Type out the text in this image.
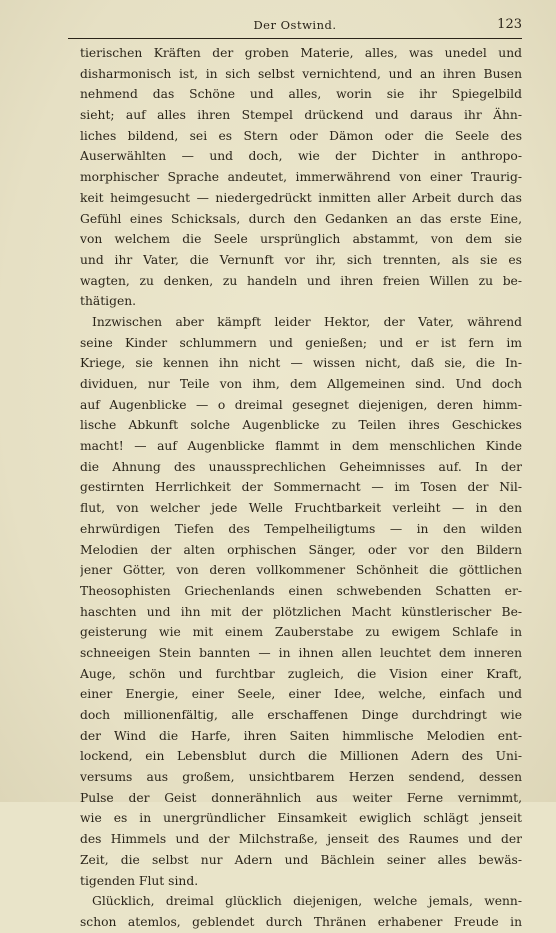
Der Ostwind.	123
tierischen Kräften der groben Materie, alles, was unedel und
disharmonisch ist, in sich selbst vernichtend, und an ihren Busen
nehmend das Schöne und alles, worin sie ihr Spiegelbild
sieht; auf alles ihren Stempel drückend und daraus ihr Ähn-
liches bildend, sei es Stern oder Dämon oder die Seele des
Auserwählten — und doch, wie der Dichter in anthropo-
morphischer Sprache andeutet, immerwährend von einer Traurig-
keit heimgesucht — niedergedrückt inmitten aller Arbeit durch das
Gefühl eines Schicksals, durch den Gedanken an das erste Eine,
von welchem die Seele ursprünglich abstammt, von dem sie
und ihr Vater, die Vernunft vor ihr, sich trennten, als sie es
wagten, zu denken, zu handeln und ihren freien Willen zu be-
thätigen.
Inzwischen aber kämpft leider Hektor, der Vater, während
seine Kinder schlummern und genießen; und er ist fern im
Kriege, sie kennen ihn nicht — wissen nicht, daß sie, die In-
dividuen, nur Teile von ihm, dem Allgemeinen sind. Und doch
auf Augenblicke — o dreimal gesegnet diejenigen, deren himm-
lische Abkunft solche Augenblicke zu Teilen ihres Geschickes
macht! — auf Augenblicke flammt in dem menschlichen Kinde
die Ahnung des unaussprechlichen Geheimnisses auf. In der
gestirnten Herrlichkeit der Sommernacht — im Tosen der Nil-
flut, von welcher jede Welle Fruchtbarkeit verleiht — in den
ehrwürdigen Tiefen des Tempelheiligtums — in den wilden
Melodien der alten orphischen Sänger, oder vor den Bildern
jener Götter, von deren vollkommener Schönheit die göttlichen
Theosophisten Griechenlands einen schwebenden Schatten er-
haschten und ihn mit der plötzlichen Macht künstlerischer Be-
geisterung wie mit einem Zauberstabe zu ewigem Schlafe in
schneeigen Stein bannten — in ihnen allen leuchtet dem inneren
Auge, schön und furchtbar zugleich, die Vision einer Kraft,
einer Energie, einer Seele, einer Idee, welche, einfach und
doch millionenfältig, alle erschaffenen Dinge durchdringt wie
der Wind die Harfe, ihren Saiten himmlische Melodien ent-
lockend, ein Lebensblut durch die Millionen Adern des Uni-
versums aus großem, unsichtbarem Herzen sendend, dessen
Pulse der Geist donnerähnlich aus weiter Ferne vernimmt,
wie es in unergründlicher Einsamkeit ewiglich schlägt jenseit
des Himmels und der Milchstraße, jenseit des Raumes und der
Zeit, die selbst nur Adern und Bächlein seiner alles bewäs-
tigenden Flut sind.
Glücklich, dreimal glücklich diejenigen, welche jemals, wenn-
schon atemlos, geblendet durch Thränen erhabener Freude in
